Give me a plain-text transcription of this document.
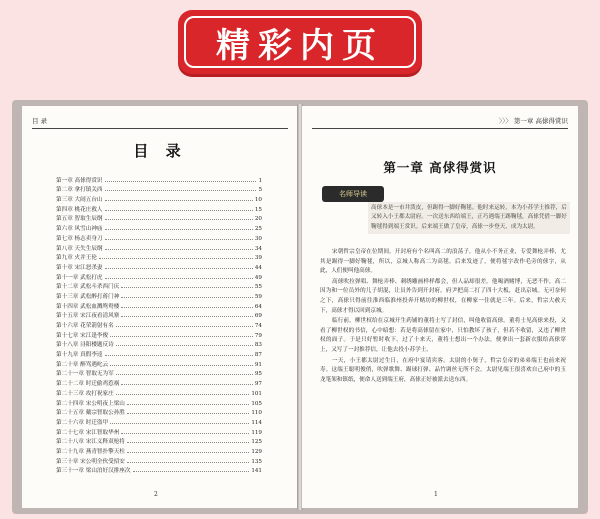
精彩内页
目 录
目 录
第一章 高俅得赏识	1
第二章 拿打镇关西	5
第三章 大闹五台山	10
第四章 桃花庄救人	15
第五章 智取生辰纲	20
第六章 风雪山神庙	25
第七章 杨志卖身刀	30
第八章 天失生辰纲	34
第九章 火并王伦	39
第十章 宋江怒杀妻	44
第十一章 武松打虎	49
第十二章 武松斗杀西门庆	55
第十三章 武松醉打蒋门神	59
第十四章 武松血溅鸳鸯楼	64
第十五章 宋江夜看清风寨	69
第十六章 花荣箭射有名	74
第十七章 宋江逢李俊	79
第十八章 浔阳楼题反诗	83
第十九章 真假李逵	87
第二十章 醉骂遇叱云	91
第二十一章 智取无为军	95
第二十二章 时迁偷鸡惹祸	97
第二十三章 攻打祝家庄	101
第二十四章 宋公明夜上梁山	105
第二十五章 戴宗智取公孙胜	110
第二十六章 时迁盗甲	114
第二十七章 宋江智取华州	119
第二十八章 宋江义释双枪将	125
第二十九章 燕青智扑擎天柱	129
第三十章 宋公明全伙受招安	135
第三十一章 梁山泊好汉排座次	141
2
〉〉〉 第一章 高俅得赏识
第一章 高俅得赏识
名师导读
高俅本是一市井泼皮，但踢得一脚好鞠毬。他时来运转，本为小苏学士推荐，后又转入小王都太尉府。一次送东西给端王，正巧遇端王踢鞠毬，高俅凭借一脚好鞠毬得到端王赏识。后来端王做了皇帝，高俅一步登天，成为太尉。

宋朝哲宗皇帝在位期间，开封府有个名叫高二的浪荡子，他从小不务正业，专爱舞枪弄棒，尤其是踢得一脚好鞠毬，所以，京城人称高二为高毬。后来发迹了，便将毬字改作毛旁的俅字，从此，人们便叫他高俅。

高俅吹拉弹唱、舞枪弄棒、刺绣雕画样样都会，但人品却很差。他喝酒赌博，无恶不作，高二因为和一位员外的儿子胡混，让员外告到开封府。府尹把高二打了四十大板，赶出京城。无可奈何之下，高俅只得前往淮西临淮州投奔开赌坊的柳世权，在柳家一住就是三年。后来，哲宗大赦天下，高俅才得以回到京城。

临行前，柳世权给在京城开生药铺的董将士写了封信，叫他收留高俅。董将士见高俅来投，又看了柳世权的书信，心中暗想：若是将高俅留在家中，只怕教坏了孩子，但若不收留，又违了柳世权的面子。于是只好暂时收下。过了十来天，董将士想出一个办法，便拿出一套新衣服给高俅穿上，又写了一封推荐信，让他去投小苏学士。

一天，小王都太尉过生日，在府中宴请宾客。太尉的小舅子，哲宗皇帝的弟弟端王也前来祝寿。这端王聪明俊俏，吹弹歌舞、踢球打弹、品竹调丝无所不会。太尉见端王很喜欢自己府中的玉龙笔架和镇纸，便命人送到端王府，高俅正好被派去送东西。

1
